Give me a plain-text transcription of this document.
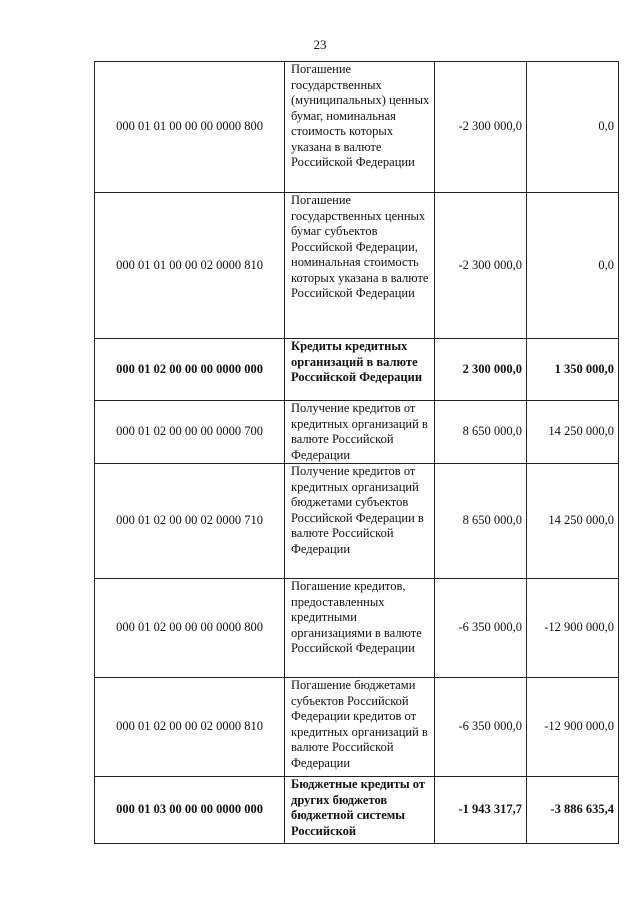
23
000 01 01 00 00 00 0000 800	Погашение государственных (муниципальных) ценных бумаг, номинальная стоимость которых указана в валюте Российской Федерации	-2 300 000,0	0,0
000 01 01 00 00 02 0000 810	Погашение государственных ценных бумаг субъектов Российской Федерации, номинальная стоимость которых указана в валюте Российской Федерации	-2 300 000,0	0,0
000 01 02 00 00 00 0000 000	Кредиты кредитных организаций в валюте Российской Федерации	2 300 000,0	1 350 000,0
000 01 02 00 00 00 0000 700	Получение кредитов от кредитных организаций в валюте Российской Федерации	8 650 000,0	14 250 000,0
000 01 02 00 00 02 0000 710	Получение кредитов от кредитных организаций бюджетами субъектов Российской Федерации в валюте Российской Федерации	8 650 000,0	14 250 000,0
000 01 02 00 00 00 0000 800	Погашение кредитов, предоставленных кредитными организациями в валюте Российской Федерации	-6 350 000,0	-12 900 000,0
000 01 02 00 00 02 0000 810	Погашение бюджетами субъектов Российской Федерации кредитов от кредитных организаций в валюте Российской Федерации	-6 350 000,0	-12 900 000,0
000 01 03 00 00 00 0000 000	Бюджетные кредиты от других бюджетов бюджетной системы Российской	-1 943 317,7	-3 886 635,4
